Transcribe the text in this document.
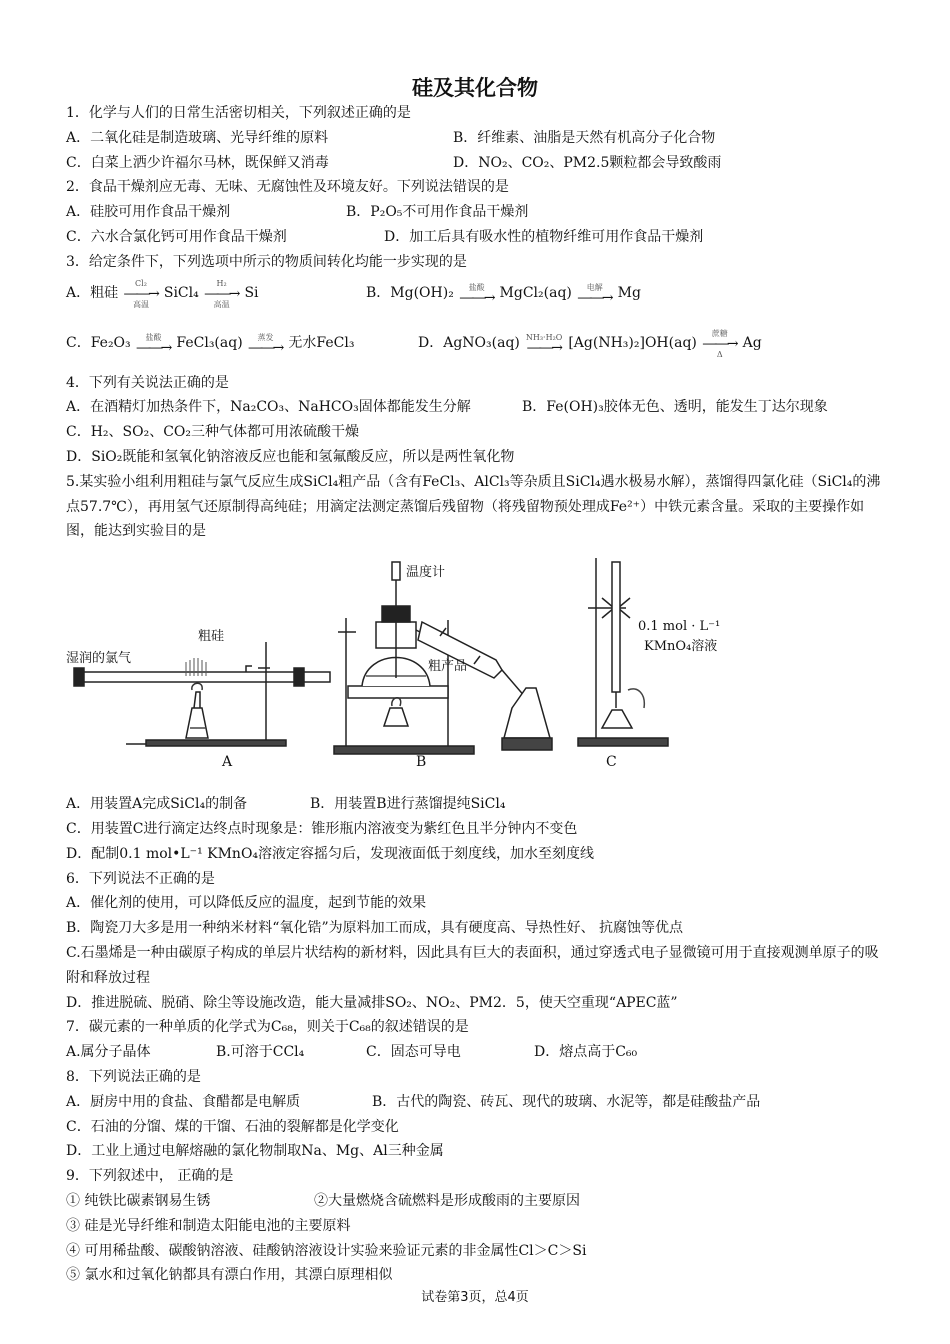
硅及其化合物
1．化学与人们的日常生活密切相关，下列叙述正确的是
A．二氧化硅是制造玻璃、光导纤维的原料	B．纤维素、油脂是天然有机高分子化合物
C．白菜上洒少许福尔马林，既保鲜又消毒	D．NO₂、CO₂、PM2.5颗粒都会导致酸雨
2．食品干燥剂应无毒、无味、无腐蚀性及环境友好。下列说法错误的是
A．硅胶可用作食品干燥剂	B．P₂O₅不可用作食品干燥剂
C．六水合氯化钙可用作食品干燥剂	D．加工后具有吸水性的植物纤维可用作食品干燥剂
3．给定条件下，下列选项中所示的物质间转化均能一步实现的是
A．粗硅
Cl₂
――→
高温
SiCl₄
H₂
――→
高温
Si	B．Mg(OH)₂ 盐酸
――→ MgCl₂(aq) 电解
――→ Mg
C．Fe₂O₃ 盐酸
――→ FeCl₃(aq) 蒸发
――→ 无水FeCl₃	D．AgNO₃(aq) NH₃·H₂O
――→ [Ag(NH₃)₂]OH(aq)
蔗糖
――→
Δ
Ag
4．下列有关说法正确的是
A．在酒精灯加热条件下，Na₂CO₃、NaHCO₃固体都能发生分解	B．Fe(OH)₃胶体无色、透明，能发生丁达尔现象
C．H₂、SO₂、CO₂三种气体都可用浓硫酸干燥
D．SiO₂既能和氢氧化钠溶液反应也能和氢氟酸反应，所以是两性氧化物
5.某实验小组利用粗硅与氯气反应生成SiCl₄粗产品（含有FeCl₃、AlCl₃等杂质且SiCl₄遇水极易水解），蒸馏得四氯化硅（SiCl₄的沸点57.7℃），再用氢气还原制得高纯硅；用滴定法测定蒸馏后残留物（将残留物预处理成Fe²⁺）中铁元素含量。采取的主要操作如图，能达到实验目的是
湿润的氯气
粗硅
A
温度计
粗产品
B
0.1 mol · L⁻¹
KMnO₄溶液
C
A．用装置A完成SiCl₄的制备	B．用装置B进行蒸馏提纯SiCl₄
C．用装置C进行滴定达终点时现象是：锥形瓶内溶液变为紫红色且半分钟内不变色
D．配制0.1 mol•L⁻¹ KMnO₄溶液定容摇匀后，发现液面低于刻度线，加水至刻度线
6．下列说法不正确的是
A．催化剂的使用，可以降低反应的温度，起到节能的效果
B．陶瓷刀大多是用一种纳米材料“氧化锆”为原料加工而成，具有硬度高、导热性好、 抗腐蚀等优点
C.石墨烯是一种由碳原子构成的单层片状结构的新材料，因此具有巨大的表面积，通过穿透式电子显微镜可用于直接观测单原子的吸附和释放过程
D．推进脱硫、脱硝、除尘等设施改造，能大量减排SO₂、NO₂、PM2．5，使天空重现“APEC蓝”
7．碳元素的一种单质的化学式为C₆₈，则关于C₆₈的叙述错误的是
A.属分子晶体	B.可溶于CCl₄	C．固态可导电	D．熔点高于C₆₀
8．下列说法正确的是
A．厨房中用的食盐、食醋都是电解质	B．古代的陶瓷、砖瓦、现代的玻璃、水泥等，都是硅酸盐产品
C．石油的分馏、煤的干馏、石油的裂解都是化学变化
D．工业上通过电解熔融的氯化物制取Na、Mg、Al三种金属
9．下列叙述中， 正确的是
① 纯铁比碳素钢易生锈	②大量燃烧含硫燃料是形成酸雨的主要原因
③ 硅是光导纤维和制造太阳能电池的主要原料
④ 可用稀盐酸、碳酸钠溶液、硅酸钠溶液设计实验来验证元素的非金属性Cl＞C＞Si
⑤ 氯水和过氧化钠都具有漂白作用，其漂白原理相似
试卷第3页，总4页
